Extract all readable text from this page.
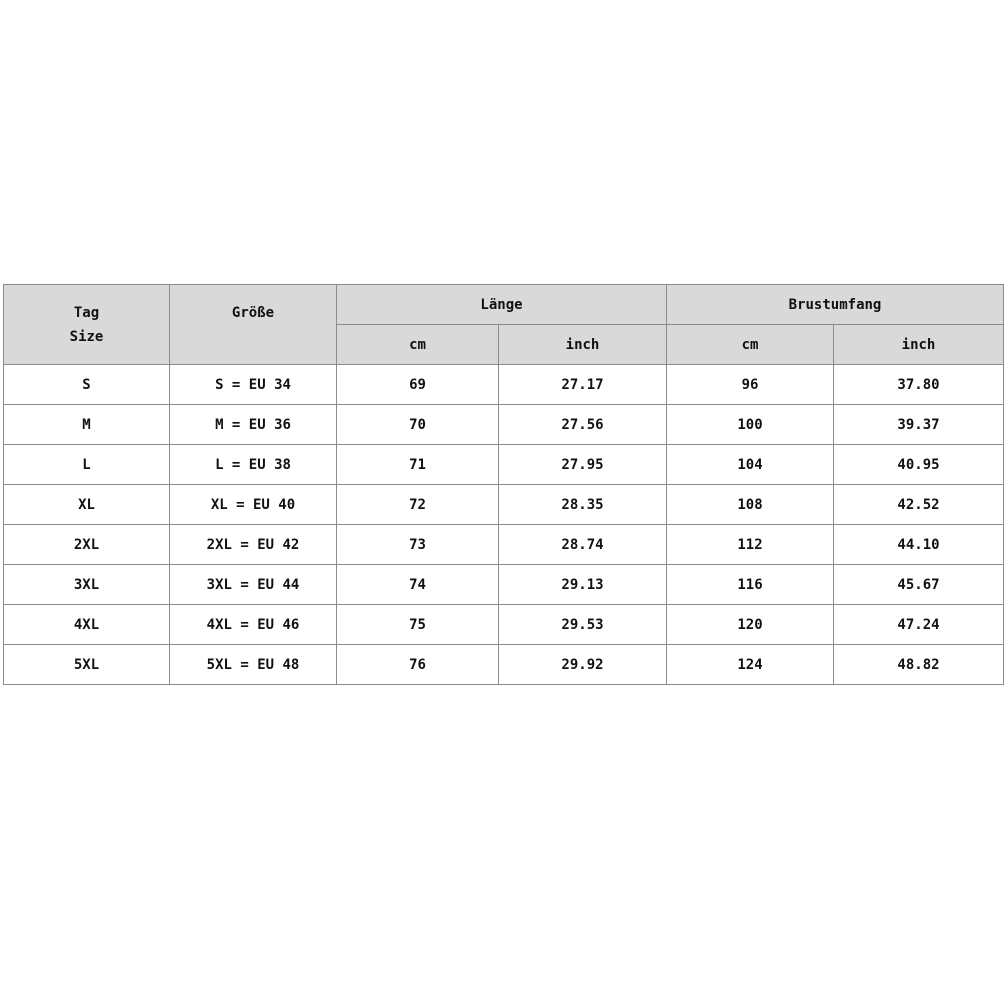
Tag
Size	Größe	Länge		Brustumfang	
		cm	inch	cm	inch
S	S = EU 34	69	27.17	96	37.80
M	M = EU 36	70	27.56	100	39.37
L	L = EU 38	71	27.95	104	40.95
XL	XL = EU 40	72	28.35	108	42.52
2XL	2XL = EU 42	73	28.74	112	44.10
3XL	3XL = EU 44	74	29.13	116	45.67
4XL	4XL = EU 46	75	29.53	120	47.24
5XL	5XL = EU 48	76	29.92	124	48.82
